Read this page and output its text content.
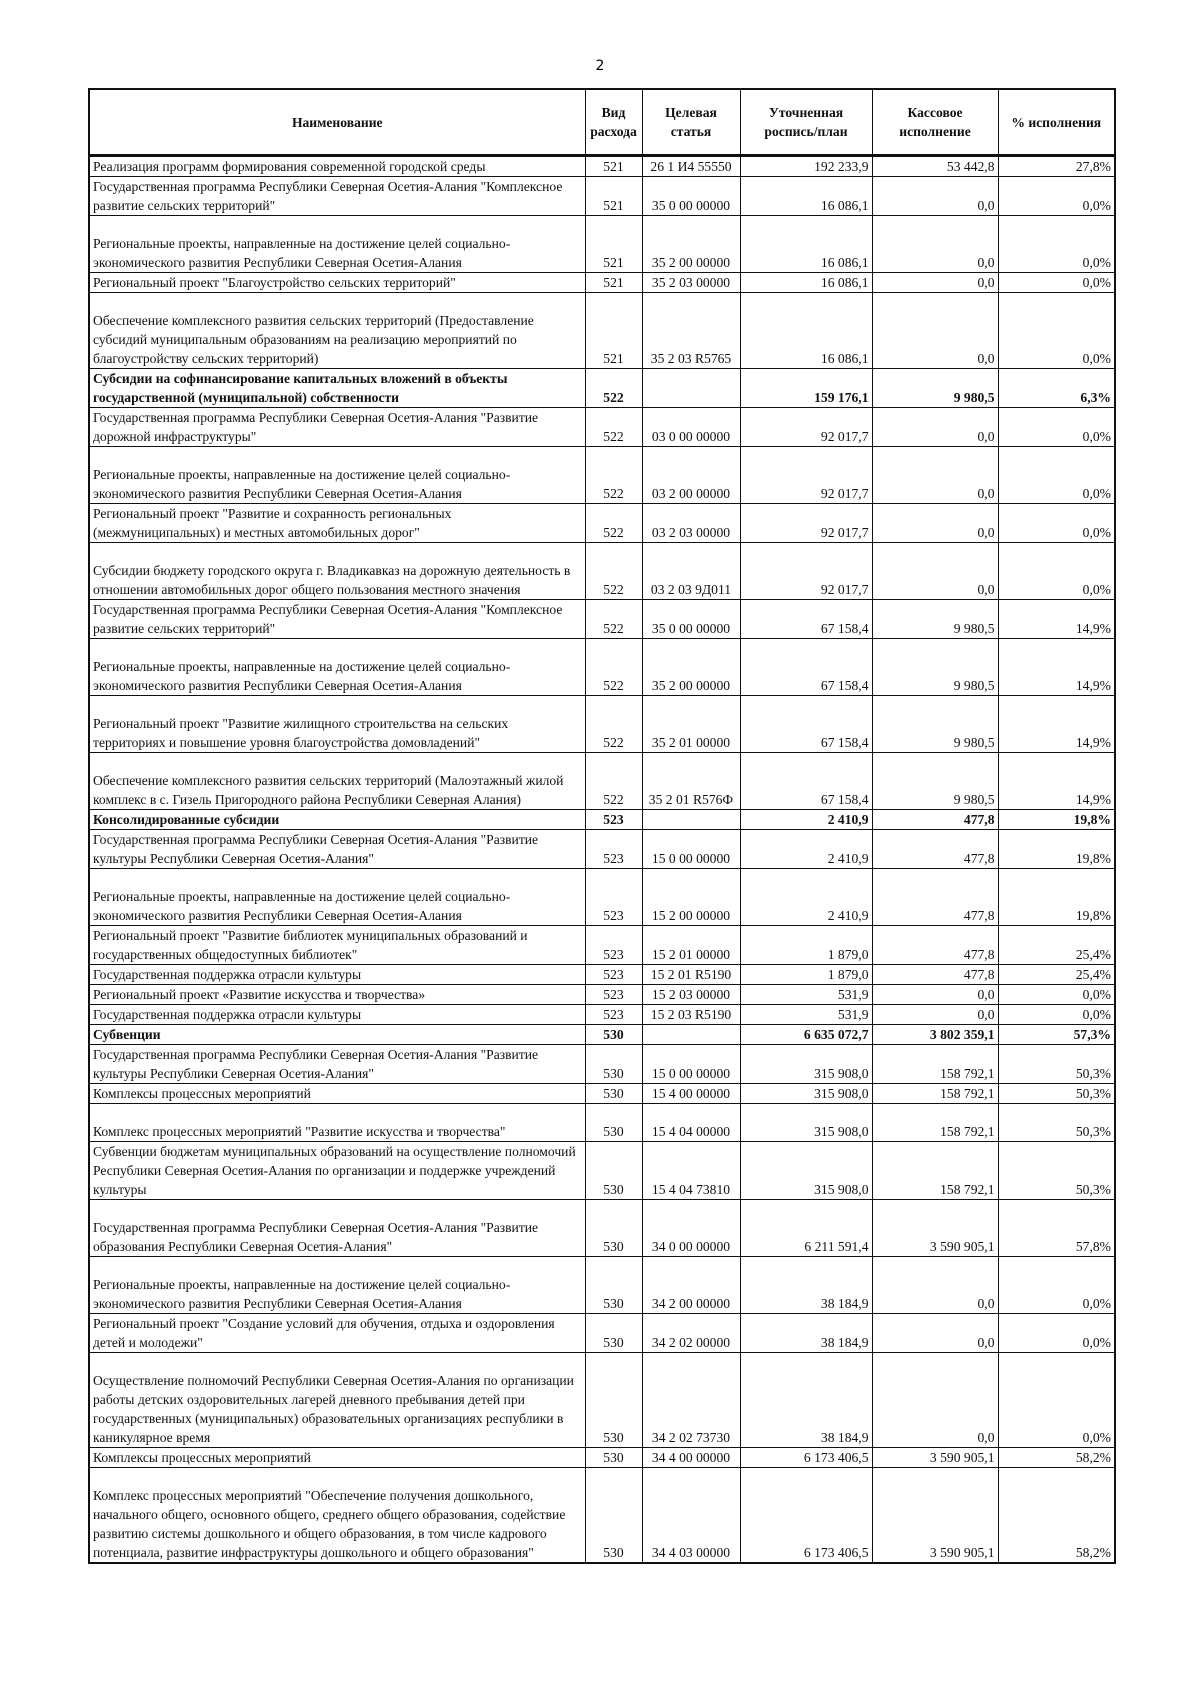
2
Наименование	Вид расхода	Целевая статья	Уточненная роспись/план	Кассовое исполнение	% исполнения
Реализация программ формирования современной городской среды	521	26 1 И4 55550	192 233,9	53 442,8	27,8%
Государственная программа Республики Северная Осетия-Алания "Комплексное развитие сельских территорий"	521	35 0 00 00000	16 086,1	0,0	0,0%
Региональные проекты, направленные на достижение целей социально-экономического развития Республики Северная Осетия-Алания	521	35 2 00 00000	16 086,1	0,0	0,0%
Региональный проект "Благоустройство сельских территорий"	521	35 2 03 00000	16 086,1	0,0	0,0%
Обеспечение комплексного развития сельских территорий (Предоставление субсидий муниципальным образованиям на реализацию мероприятий по благоустройству сельских территорий)	521	35 2 03 R5765	16 086,1	0,0	0,0%
Субсидии на софинансирование капитальных вложений в объекты государственной (муниципальной) собственности	522		159 176,1	9 980,5	6,3%
Государственная программа Республики Северная Осетия-Алания "Развитие дорожной инфраструктуры"	522	03 0 00 00000	92 017,7	0,0	0,0%
Региональные проекты, направленные на достижение целей социально-экономического развития Республики Северная Осетия-Алания	522	03 2 00 00000	92 017,7	0,0	0,0%
Региональный проект "Развитие и сохранность региональных (межмуниципальных) и местных автомобильных дорог"	522	03 2 03 00000	92 017,7	0,0	0,0%
Субсидии бюджету городского округа г. Владикавказ на дорожную деятельность в отношении автомобильных дорог общего пользования местного значения	522	03 2 03 9Д011	92 017,7	0,0	0,0%
Государственная программа Республики Северная Осетия-Алания "Комплексное развитие сельских территорий"	522	35 0 00 00000	67 158,4	9 980,5	14,9%
Региональные проекты, направленные на достижение целей социально-экономического развития Республики Северная Осетия-Алания	522	35 2 00 00000	67 158,4	9 980,5	14,9%
Региональный проект "Развитие жилищного строительства на сельских территориях и повышение уровня благоустройства домовладений"	522	35 2 01 00000	67 158,4	9 980,5	14,9%
Обеспечение комплексного развития сельских территорий (Малоэтажный жилой комплекс в с. Гизель Пригородного района Республики Северная Алания)	522	35 2 01 R576Ф	67 158,4	9 980,5	14,9%
Консолидированные субсидии	523		2 410,9	477,8	19,8%
Государственная программа Республики Северная Осетия-Алания "Развитие культуры Республики Северная Осетия-Алания"	523	15 0 00 00000	2 410,9	477,8	19,8%
Региональные проекты, направленные на достижение целей социально-экономического развития Республики Северная Осетия-Алания	523	15 2 00 00000	2 410,9	477,8	19,8%
Региональный проект "Развитие библиотек муниципальных образований и государственных общедоступных библиотек"	523	15 2 01 00000	1 879,0	477,8	25,4%
Государственная поддержка отрасли культуры	523	15 2 01 R5190	1 879,0	477,8	25,4%
Региональный проект «Развитие искусства и творчества»	523	15 2 03 00000	531,9	0,0	0,0%
Государственная поддержка отрасли культуры	523	15 2 03 R5190	531,9	0,0	0,0%
Субвенции	530		6 635 072,7	3 802 359,1	57,3%
Государственная программа Республики Северная Осетия-Алания "Развитие культуры Республики Северная Осетия-Алания"	530	15 0 00 00000	315 908,0	158 792,1	50,3%
Комплексы процессных мероприятий	530	15 4 00 00000	315 908,0	158 792,1	50,3%
Комплекс процессных мероприятий "Развитие искусства и творчества"	530	15 4 04 00000	315 908,0	158 792,1	50,3%
Субвенции бюджетам муниципальных образований на осуществление полномочий Республики Северная Осетия-Алания по организации и поддержке учреждений культуры	530	15 4 04 73810	315 908,0	158 792,1	50,3%
Государственная программа Республики Северная Осетия-Алания "Развитие образования Республики Северная Осетия-Алания"	530	34 0 00 00000	6 211 591,4	3 590 905,1	57,8%
Региональные проекты, направленные на достижение целей социально-экономического развития Республики Северная Осетия-Алания	530	34 2 00 00000	38 184,9	0,0	0,0%
Региональный проект "Создание условий для обучения, отдыха и оздоровления детей и молодежи"	530	34 2 02 00000	38 184,9	0,0	0,0%
Осуществление полномочий Республики Северная Осетия-Алания по организации работы детских оздоровительных лагерей дневного пребывания детей при государственных (муниципальных) образовательных организациях республики в каникулярное время	530	34 2 02 73730	38 184,9	0,0	0,0%
Комплексы процессных мероприятий	530	34 4 00 00000	6 173 406,5	3 590 905,1	58,2%
Комплекс процессных мероприятий "Обеспечение получения дошкольного, начального общего, основного общего, среднего общего образования, содействие развитию системы дошкольного и общего образования, в том числе кадрового потенциала, развитие инфраструктуры дошкольного и общего образования"	530	34 4 03 00000	6 173 406,5	3 590 905,1	58,2%
